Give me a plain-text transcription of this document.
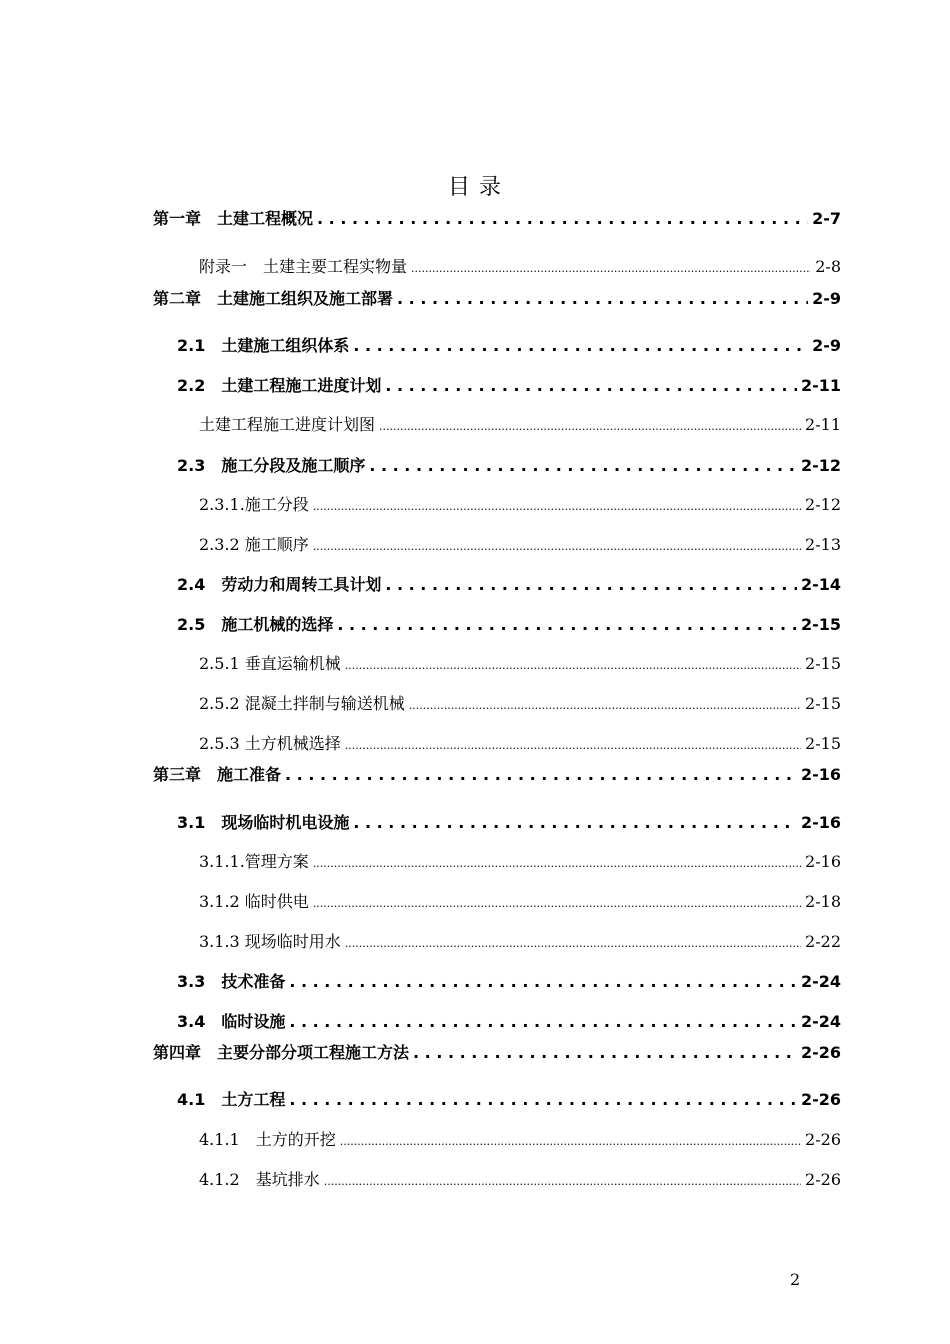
目 录
第一章　土建工程概况 . . .	2-7
附录一　土建主要工程实物量 .....	2-8
第二章　土建施工组织及施工部署 . . .	2-9
2.1　土建施工组织体系 . . .	2-9
2.2　土建工程施工进度计划 . . .	2-11
土建工程施工进度计划图 .....	2-11
2.3　施工分段及施工顺序 . . .	2-12
2.3.1.施工分段 .....	2-12
2.3.2 施工顺序 .....	2-13
2.4　劳动力和周转工具计划 . . .	2-14
2.5　施工机械的选择 . . .	2-15
2.5.1 垂直运输机械 .....	2-15
2.5.2 混凝土拌制与输送机械 .....	2-15
2.5.3 土方机械选择 .....	2-15
第三章　施工准备 . . .	2-16
3.1　现场临时机电设施 . . .	2-16
3.1.1.管理方案 .....	2-16
3.1.2 临时供电 .....	2-18
3.1.3 现场临时用水 .....	2-22
3.3　技术准备 . . .	2-24
3.4　临时设施 . . .	2-24
第四章　主要分部分项工程施工方法 . . .	2-26
4.1　土方工程 . . .	2-26
4.1.1　土方的开挖 .....	2-26
4.1.2　基坑排水 .....	2-26
2
